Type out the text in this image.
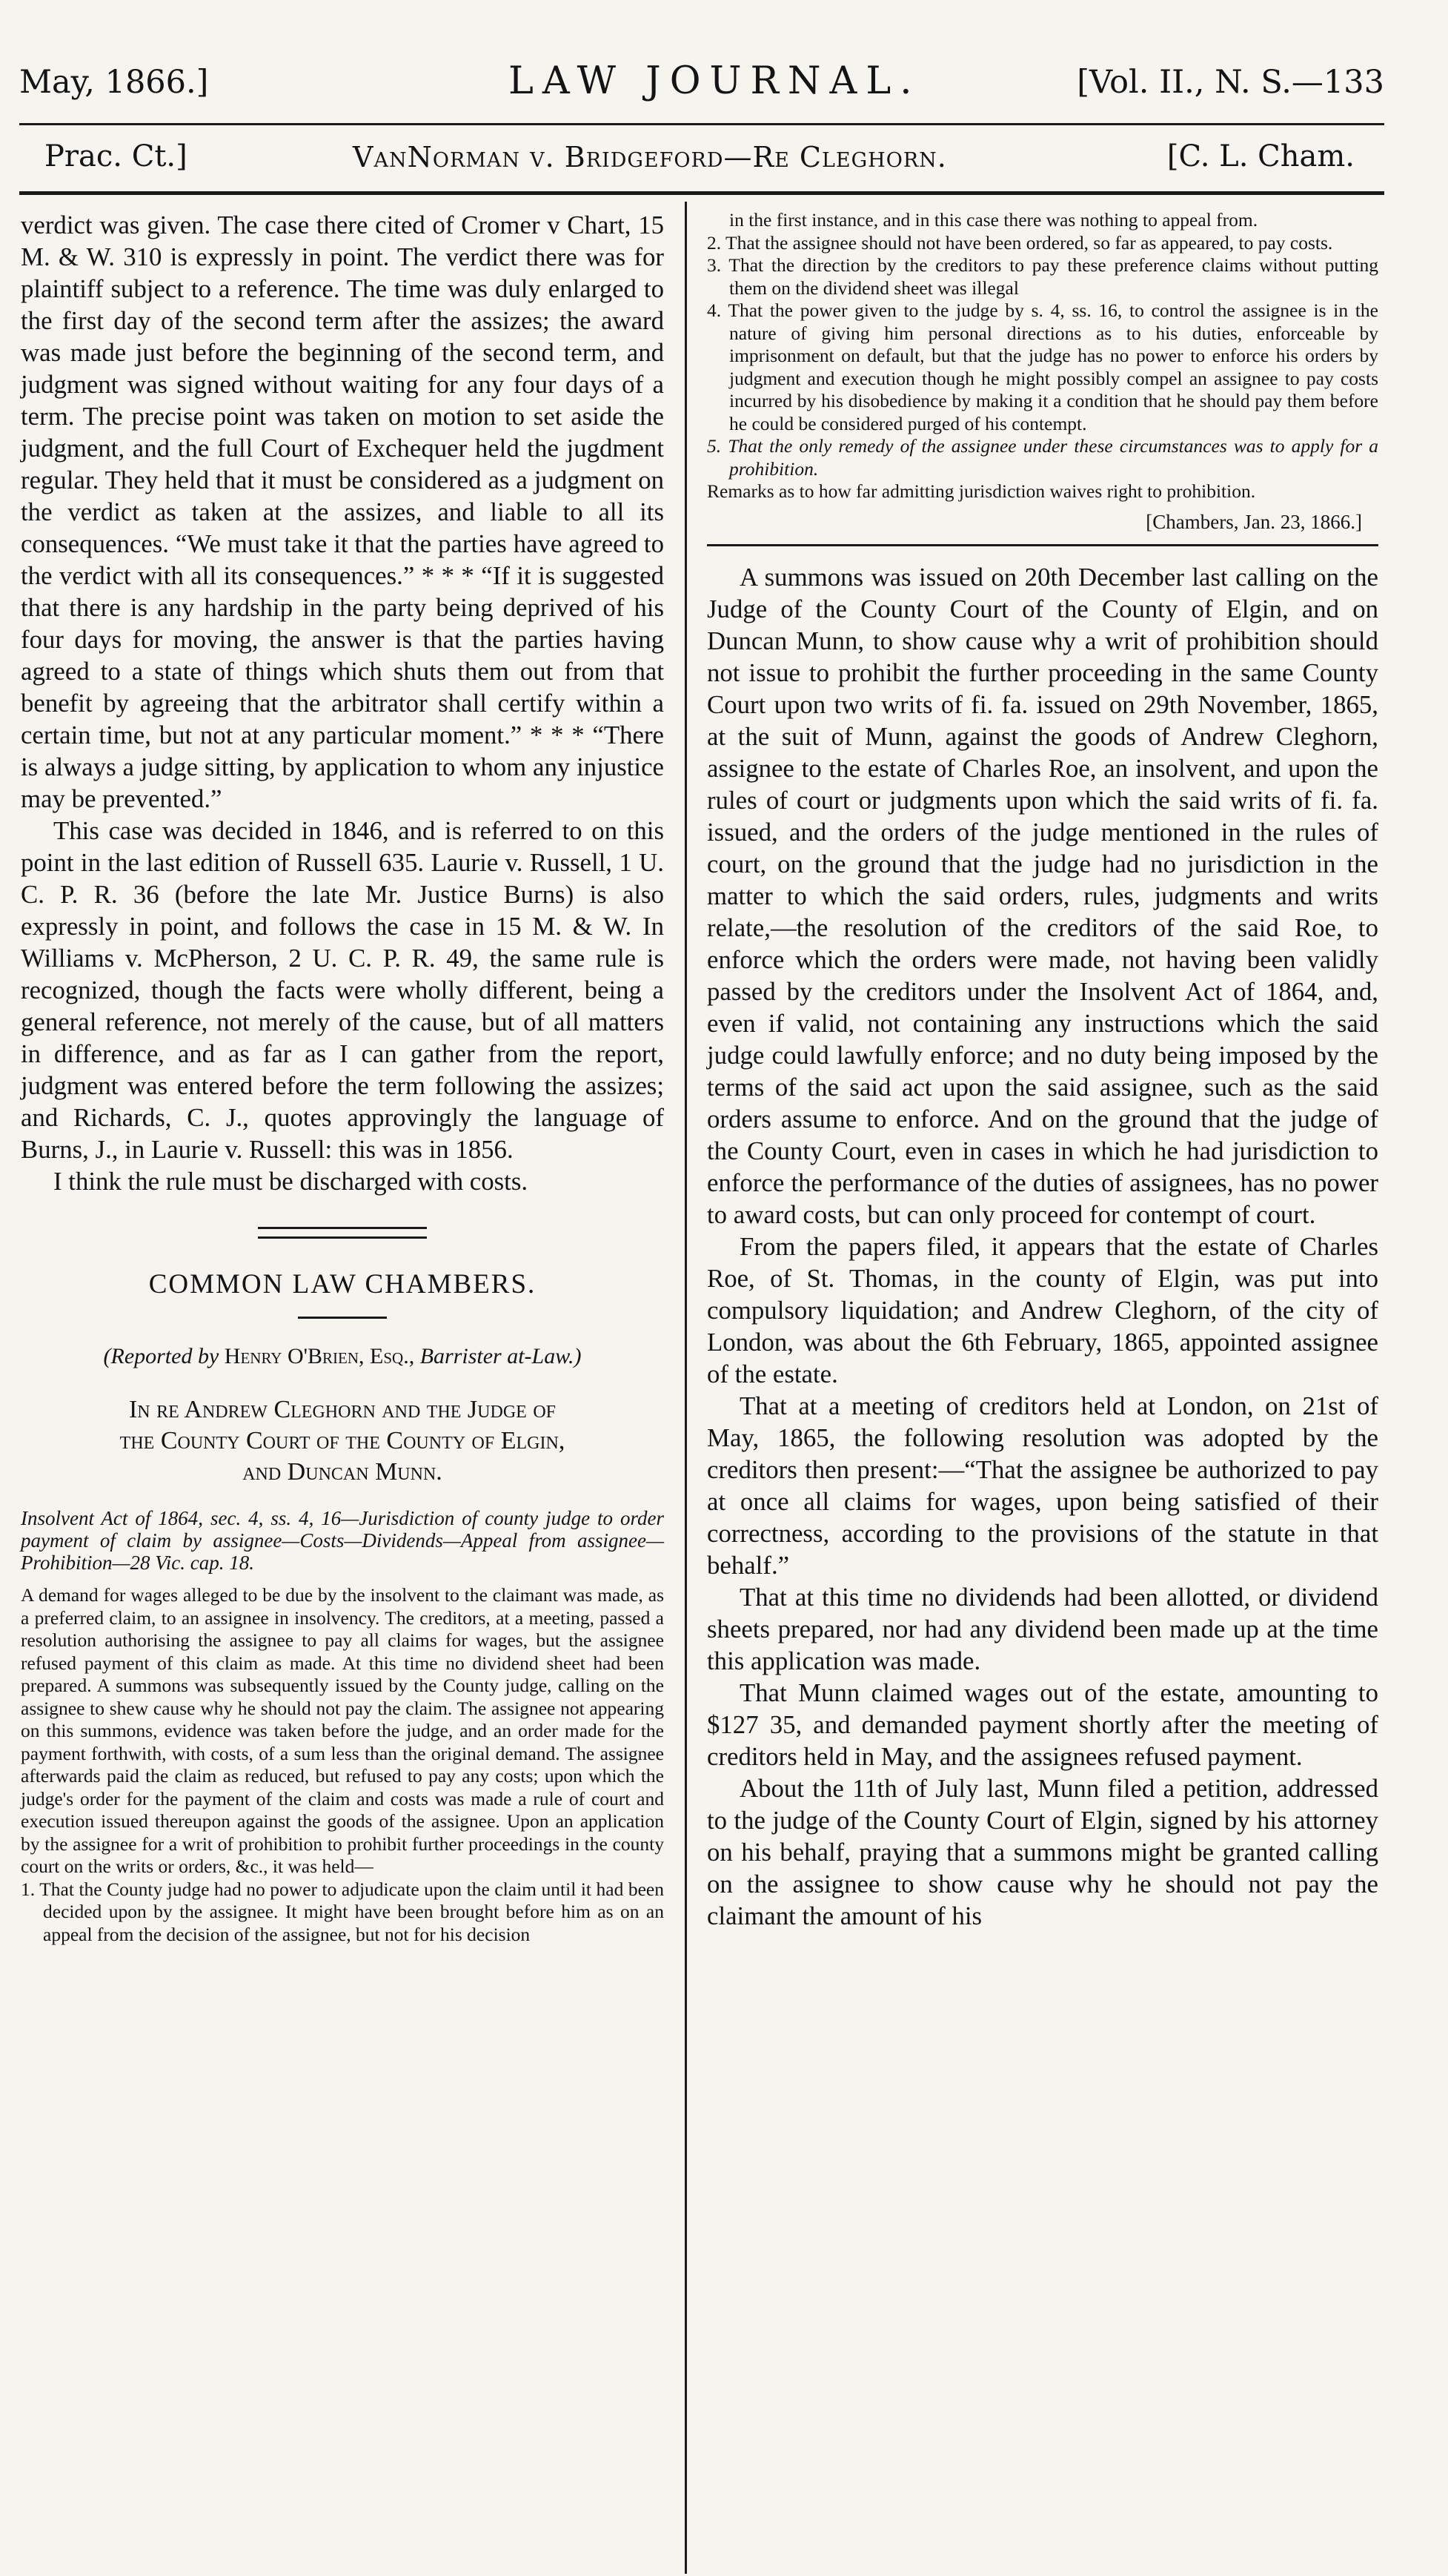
May, 1866.]	LAW JOURNAL.	[Vol. II., N. S.—133
Prac. Ct.]	VanNorman v. Bridgeford—Re Cleghorn.	[C. L. Cham.

verdict was given. The case there cited of Cromer v Chart, 15 M. & W. 310 is expressly in point. The verdict there was for plaintiff subject to a reference. The time was duly enlarged to the first day of the second term after the assizes; the award was made just before the beginning of the second term, and judgment was signed without waiting for any four days of a term. The precise point was taken on motion to set aside the judgment, and the full Court of Exchequer held the jugdment regular. They held that it must be considered as a judgment on the verdict as taken at the assizes, and liable to all its consequences. “We must take it that the parties have agreed to the verdict with all its consequences.” * * * “If it is suggested that there is any hardship in the party being deprived of his four days for moving, the answer is that the parties having agreed to a state of things which shuts them out from that benefit by agreeing that the arbitrator shall certify within a certain time, but not at any particular moment.” * * * “There is always a judge sitting, by application to whom any injustice may be prevented.”

This case was decided in 1846, and is referred to on this point in the last edition of Russell 635. Laurie v. Russell, 1 U. C. P. R. 36 (before the late Mr. Justice Burns) is also expressly in point, and follows the case in 15 M. & W. In Williams v. McPherson, 2 U. C. P. R. 49, the same rule is recognized, though the facts were wholly different, being a general reference, not merely of the cause, but of all matters in difference, and as far as I can gather from the report, judgment was entered before the term following the assizes; and Richards, C. J., quotes approvingly the language of Burns, J., in Laurie v. Russell: this was in 1856.

I think the rule must be discharged with costs.

COMMON LAW CHAMBERS.
(Reported by Henry O'Brien, Esq., Barrister at-Law.)
In re Andrew Cleghorn and the Judge of
the County Court of the County of Elgin,
and Duncan Munn.

Insolvent Act of 1864, sec. 4, ss. 4, 16—Jurisdiction of county judge to order payment of claim by assignee—Costs—Dividends—Appeal from assignee—Prohibition—28 Vic. cap. 18.

A demand for wages alleged to be due by the insolvent to the claimant was made, as a preferred claim, to an assignee in insolvency. The creditors, at a meeting, passed a resolution authorising the assignee to pay all claims for wages, but the assignee refused payment of this claim as made. At this time no dividend sheet had been prepared. A summons was subsequently issued by the County judge, calling on the assignee to shew cause why he should not pay the claim. The assignee not appearing on this summons, evidence was taken before the judge, and an order made for the payment forthwith, with costs, of a sum less than the original demand. The assignee afterwards paid the claim as reduced, but refused to pay any costs; upon which the judge's order for the payment of the claim and costs was made a rule of court and execution issued thereupon against the goods of the assignee. Upon an application by the assignee for a writ of prohibition to prohibit further proceedings in the county court on the writs or orders, &c., it was held—

1. That the County judge had no power to adjudicate upon the claim until it had been decided upon by the assignee. It might have been brought before him as on an appeal from the decision of the assignee, but not for his decision

in the first instance, and in this case there was nothing to appeal from.

2. That the assignee should not have been ordered, so far as appeared, to pay costs.

3. That the direction by the creditors to pay these preference claims without putting them on the dividend sheet was illegal

4. That the power given to the judge by s. 4, ss. 16, to control the assignee is in the nature of giving him personal directions as to his duties, enforceable by imprisonment on default, but that the judge has no power to enforce his orders by judgment and execution though he might possibly compel an assignee to pay costs incurred by his disobedience by making it a condition that he should pay them before he could be considered purged of his contempt.

5. That the only remedy of the assignee under these circumstances was to apply for a prohibition.

Remarks as to how far admitting jurisdiction waives right to prohibition.

[Chambers, Jan. 23, 1866.]

A summons was issued on 20th December last calling on the Judge of the County Court of the County of Elgin, and on Duncan Munn, to show cause why a writ of prohibition should not issue to prohibit the further proceeding in the same County Court upon two writs of fi. fa. issued on 29th November, 1865, at the suit of Munn, against the goods of Andrew Cleghorn, assignee to the estate of Charles Roe, an insolvent, and upon the rules of court or judgments upon which the said writs of fi. fa. issued, and the orders of the judge mentioned in the rules of court, on the ground that the judge had no jurisdiction in the matter to which the said orders, rules, judgments and writs relate,—the resolution of the creditors of the said Roe, to enforce which the orders were made, not having been validly passed by the creditors under the Insolvent Act of 1864, and, even if valid, not containing any instructions which the said judge could lawfully enforce; and no duty being imposed by the terms of the said act upon the said assignee, such as the said orders assume to enforce. And on the ground that the judge of the County Court, even in cases in which he had jurisdiction to enforce the performance of the duties of assignees, has no power to award costs, but can only proceed for contempt of court.

From the papers filed, it appears that the estate of Charles Roe, of St. Thomas, in the county of Elgin, was put into compulsory liquidation; and Andrew Cleghorn, of the city of London, was about the 6th February, 1865, appointed assignee of the estate.

That at a meeting of creditors held at London, on 21st of May, 1865, the following resolution was adopted by the creditors then present:—“That the assignee be authorized to pay at once all claims for wages, upon being satisfied of their correctness, according to the provisions of the statute in that behalf.”

That at this time no dividends had been allotted, or dividend sheets prepared, nor had any dividend been made up at the time this application was made.

That Munn claimed wages out of the estate, amounting to $127 35, and demanded payment shortly after the meeting of creditors held in May, and the assignees refused payment.

About the 11th of July last, Munn filed a petition, addressed to the judge of the County Court of Elgin, signed by his attorney on his behalf, praying that a summons might be granted calling on the assignee to show cause why he should not pay the claimant the amount of his
